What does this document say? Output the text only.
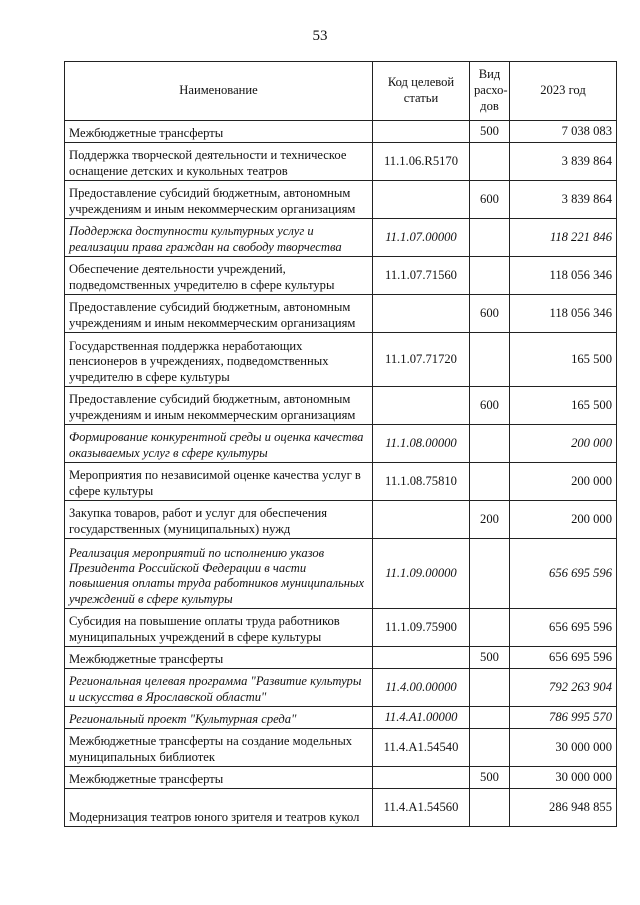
53
Наименование	Код целевой статьи	Вид расхо-дов	2023 год
Межбюджетные трансферты		500	7 038 083
Поддержка творческой деятельности и техническое оснащение детских и кукольных театров	11.1.06.R5170		3 839 864
Предоставление субсидий бюджетным, автономным учреждениям и иным некоммерческим организациям		600	3 839 864
Поддержка доступности культурных услуг и реализации права граждан на свободу творчества	11.1.07.00000		118 221 846
Обеспечение деятельности учреждений, подведомственных учредителю в сфере культуры	11.1.07.71560		118 056 346
Предоставление субсидий бюджетным, автономным учреждениям и иным некоммерческим организациям		600	118 056 346
Государственная поддержка неработающих пенсионеров в учреждениях, подведомственных учредителю в сфере культуры	11.1.07.71720		165 500
Предоставление субсидий бюджетным, автономным учреждениям и иным некоммерческим организациям		600	165 500
Формирование конкурентной среды и оценка качества оказываемых услуг в сфере культуры	11.1.08.00000		200 000
Мероприятия по независимой оценке качества услуг в сфере культуры	11.1.08.75810		200 000
Закупка товаров, работ и услуг для обеспечения государственных (муниципальных) нужд		200	200 000
Реализация мероприятий по исполнению указов Президента Российской Федерации в части повышения оплаты труда работников муниципальных учреждений в сфере культуры	11.1.09.00000		656 695 596
Субсидия на повышение оплаты труда работников муниципальных учреждений в сфере культуры	11.1.09.75900		656 695 596
Межбюджетные трансферты		500	656 695 596
Региональная целевая программа "Развитие культуры и искусства в Ярославской области"	11.4.00.00000		792 263 904
Региональный проект "Культурная среда"	11.4.A1.00000		786 995 570
Межбюджетные трансферты на создание модельных муниципальных библиотек	11.4.A1.54540		30 000 000
Межбюджетные трансферты		500	30 000 000
Модернизация театров юного зрителя и театров кукол	11.4.A1.54560		286 948 855
